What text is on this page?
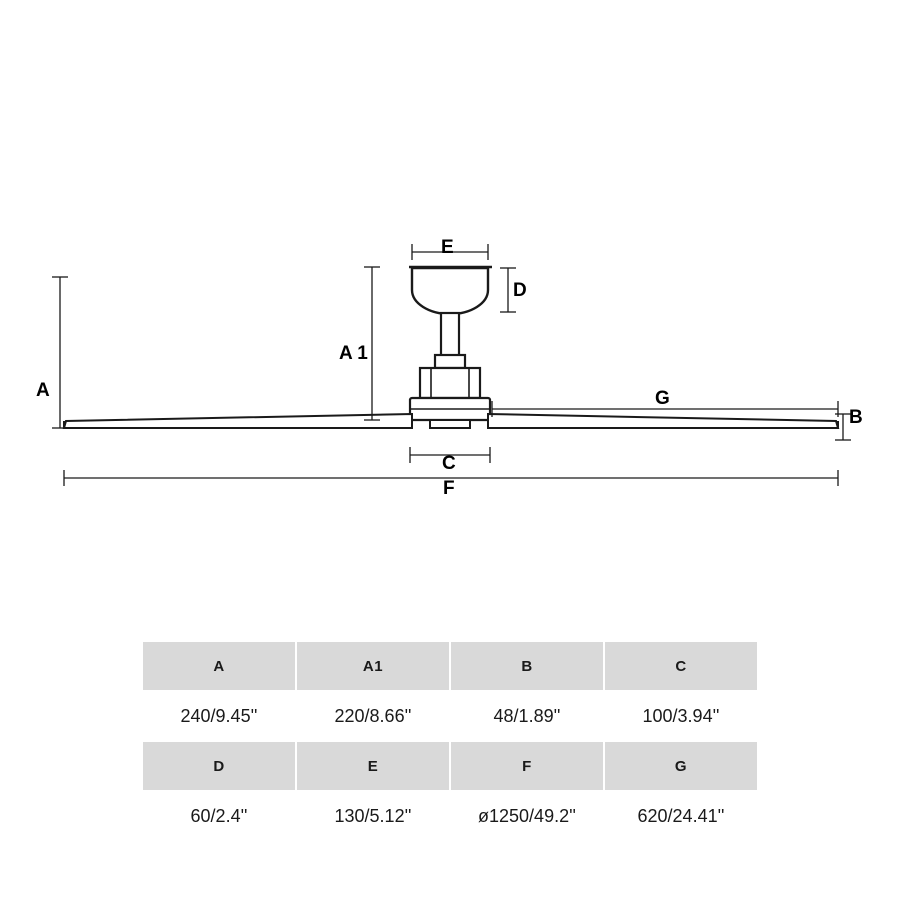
A
A 1
E
D
B
G
C
F
A	A1	B	C
240/9.45''	220/8.66''	48/1.89''	100/3.94''
D	E	F	G
60/2.4''	130/5.12''	ø1250/49.2''	620/24.41''
